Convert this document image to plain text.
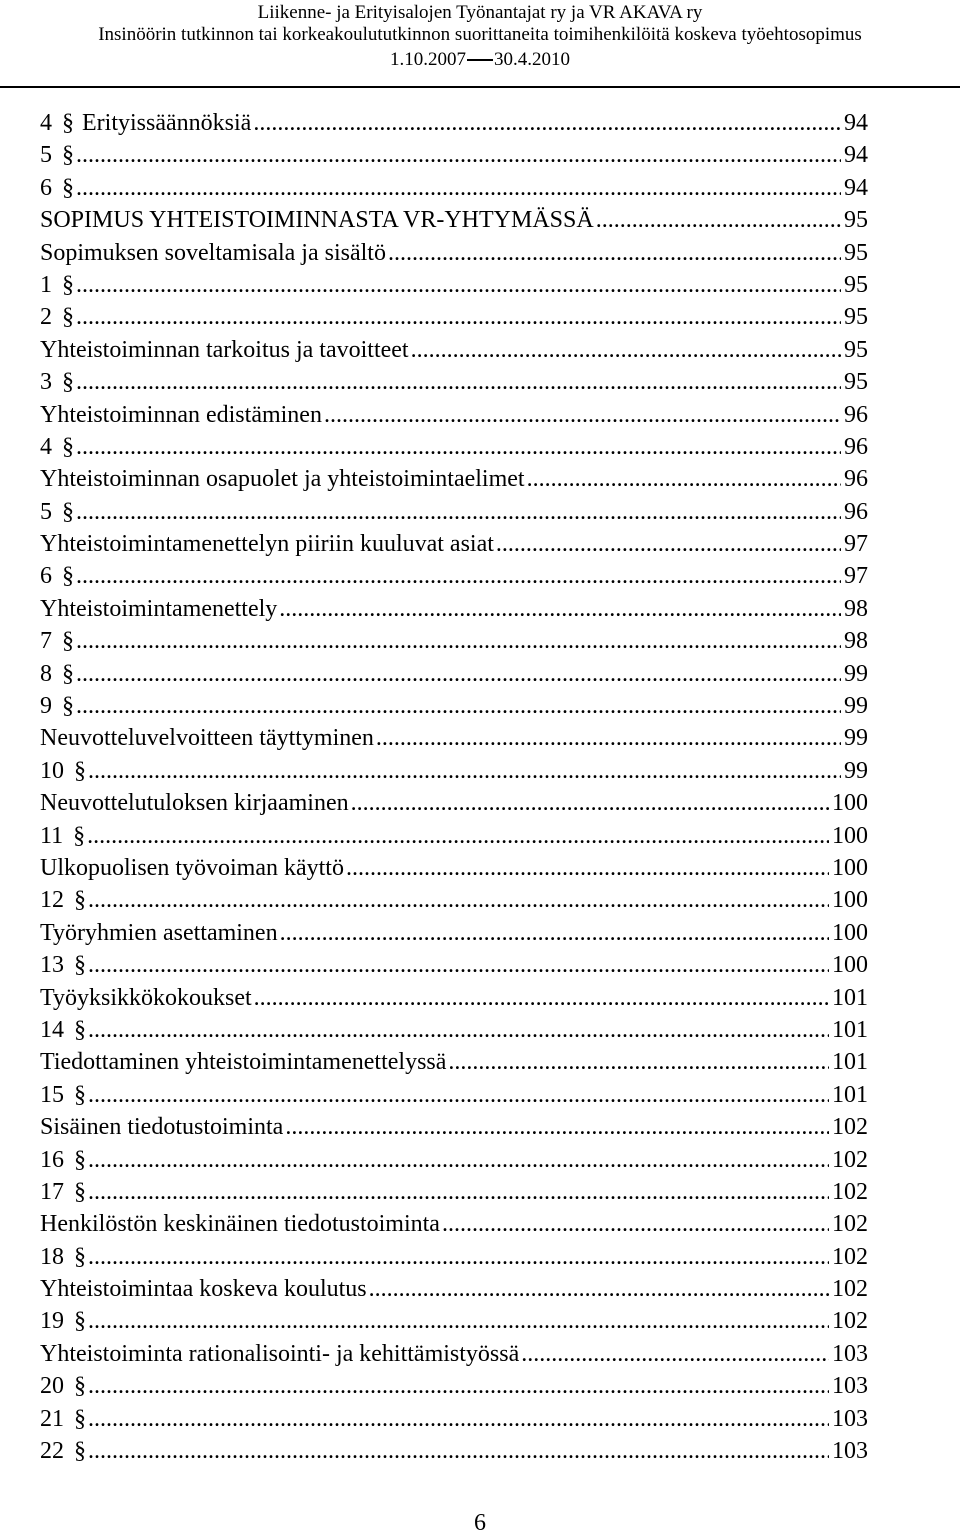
Liikenne- ja Erityisalojen Työnantajat ry ja VR AKAVA ry
Insinöörin tutkinnon tai korkeakoulututkinnon suorittaneita toimihenkilöitä koskeva työehtosopimus
1.10.2007 30.4.2010
4 § Erityissäännöksiä .....	94
5 § .....	94
6 § .....	94
SOPIMUS YHTEISTOIMINNASTA VR-YHTYMÄSSÄ .....	95
Sopimuksen soveltamisala ja sisältö .....	95
1 § .....	95
2 § .....	95
Yhteistoiminnan tarkoitus ja tavoitteet .....	95
3 § .....	95
Yhteistoiminnan edistäminen .....	96
4 § .....	96
Yhteistoiminnan osapuolet ja yhteistoimintaelimet .....	96
5 § .....	96
Yhteistoimintamenettelyn piiriin kuuluvat asiat .....	97
6 § .....	97
Yhteistoimintamenettely .....	98
7 § .....	98
8 § .....	99
9 § .....	99
Neuvotteluvelvoitteen täyttyminen .....	99
10 § .....	99
Neuvottelutuloksen kirjaaminen .....	100
11 § .....	100
Ulkopuolisen työvoiman käyttö .....	100
12 § .....	100
Työryhmien asettaminen .....	100
13 § .....	100
Työyksikkökokoukset .....	101
14 § .....	101
Tiedottaminen yhteistoimintamenettelyssä .....	101
15 § .....	101
Sisäinen tiedotustoiminta .....	102
16 § .....	102
17 § .....	102
Henkilöstön keskinäinen tiedotustoiminta .....	102
18 § .....	102
Yhteistoimintaa koskeva koulutus .....	102
19 § .....	102
Yhteistoiminta rationalisointi- ja kehittämistyössä .....	103
20 § .....	103
21 § .....	103
22 § .....	103
6
